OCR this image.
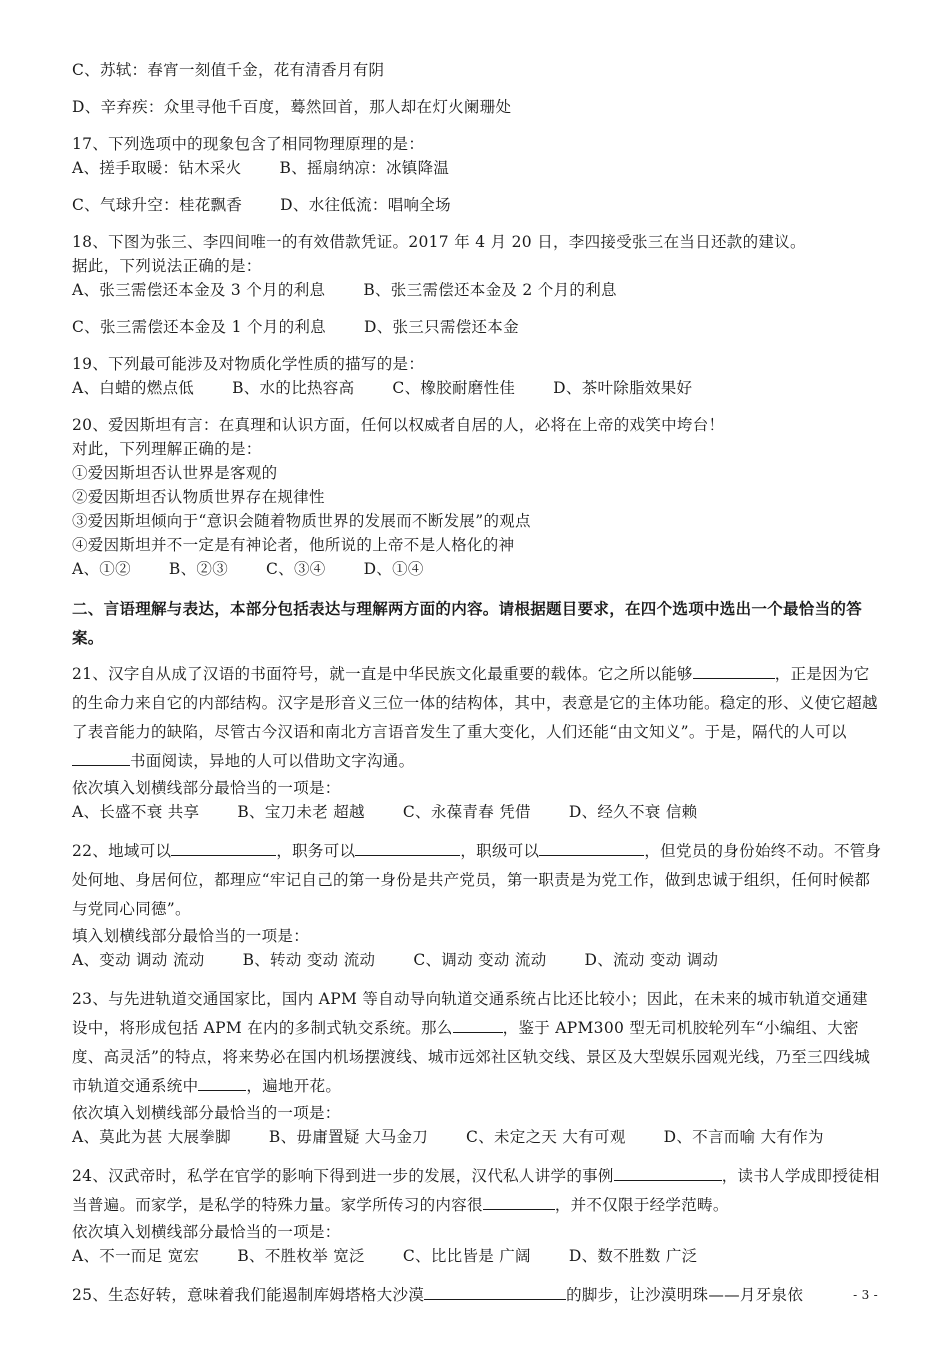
C、苏轼：春宵一刻值千金，花有清香月有阴
D、辛弃疾：众里寻他千百度，蓦然回首，那人却在灯火阑珊处
17、下列选项中的现象包含了相同物理原理的是：
A、搓手取暖：钻木采火 B、摇扇纳凉：冰镇降温
C、气球升空：桂花飘香 D、水往低流：唱响全场
18、下图为张三、李四间唯一的有效借款凭证。2017 年 4 月 20 日，李四接受张三在当日还款的建议。
据此，下列说法正确的是：
A、张三需偿还本金及 3 个月的利息 B、张三需偿还本金及 2 个月的利息
C、张三需偿还本金及 1 个月的利息 D、张三只需偿还本金
19、下列最可能涉及对物质化学性质的描写的是：
A、白蜡的燃点低 B、水的比热容高 C、橡胶耐磨性佳 D、茶叶除脂效果好
20、爱因斯坦有言：在真理和认识方面，任何以权威者自居的人，必将在上帝的戏笑中垮台！
对此，下列理解正确的是：
①爱因斯坦否认世界是客观的
②爱因斯坦否认物质世界存在规律性
③爱因斯坦倾向于“意识会随着物质世界的发展而不断发展”的观点
④爱因斯坦并不一定是有神论者，他所说的上帝不是人格化的神
A、①② B、②③ C、③④ D、①④
二、言语理解与表达，本部分包括表达与理解两方面的内容。请根据题目要求，在四个选项中选出一个最恰当的答案。
21、汉字自从成了汉语的书面符号，就一直是中华民族文化最重要的载体。它之所以能够	，正是因为它的生命力来自它的内部结构。汉字是形音义三位一体的结构体，其中，表意是它的主体功能。稳定的形、义使它超越了表音能力的缺陷，尽管古今汉语和南北方言语音发生了重大变化，人们还能“由文知义”。于是，隔代的人可以书面阅读，异地的人可以借助文字沟通。
依次填入划横线部分最恰当的一项是：
A、长盛不衰 共享 B、宝刀未老 超越 C、永葆青春 凭借 D、经久不衰 信赖
22、地域可以	，职务可以	，职级可以	，但党员的身份始终不动。不管身处何地、身居何位，都理应“牢记自己的第一身份是共产党员，第一职责是为党工作，做到忠诚于组织，任何时候都与党同心同德”。
填入划横线部分最恰当的一项是：
A、变动 调动 流动 B、转动 变动 流动 C、调动 变动 流动 D、流动 变动 调动
23、与先进轨道交通国家比，国内 APM 等自动导向轨道交通系统占比还比较小；因此，在未来的城市轨道交通建设中，将形成包括 APM 在内的多制式轨交系统。那么	，鉴于 APM300 型无司机胶轮列车“小编组、大密度、高灵活”的特点，将来势必在国内机场摆渡线、城市远郊社区轨交线、景区及大型娱乐园观光线，乃至三四线城市轨道交通系统中	，遍地开花。
依次填入划横线部分最恰当的一项是：
A、莫此为甚 大展拳脚 B、毋庸置疑 大马金刀 C、未定之天 大有可观 D、不言而喻 大有作为
24、汉武帝时，私学在官学的影响下得到进一步的发展，汉代私人讲学的事例	，读书人学成即授徒相当普遍。而家学，是私学的特殊力量。家学所传习的内容很	，并不仅限于经学范畴。
依次填入划横线部分最恰当的一项是：
A、不一而足 宽宏 B、不胜枚举 宽泛 C、比比皆是 广阔 D、数不胜数 广泛
25、生态好转，意味着我们能遏制库姆塔格大沙漠	的脚步，让沙漠明珠——月牙泉依	- 3 -
